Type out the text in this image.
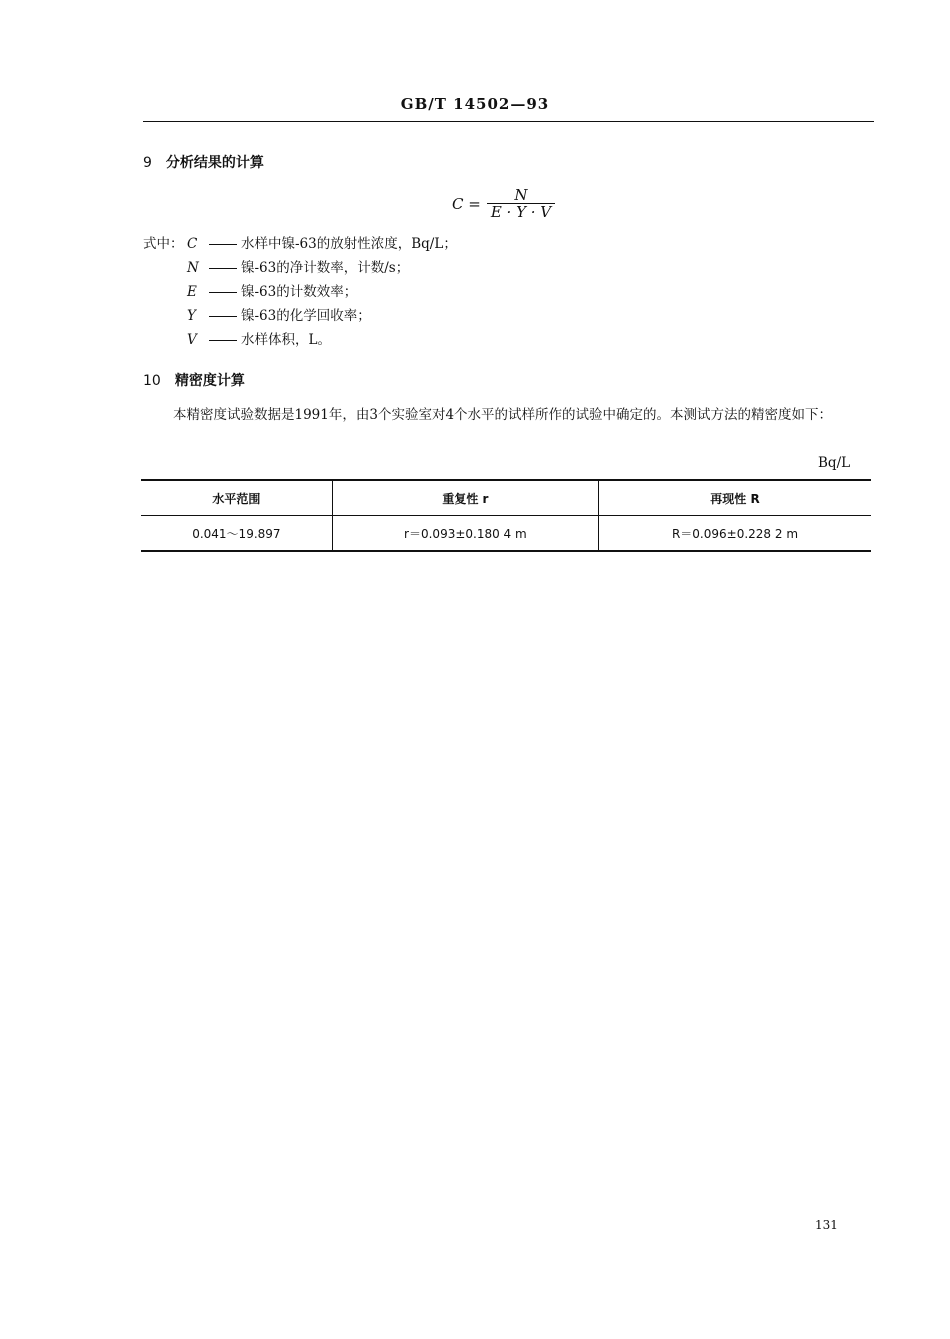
GB/T 14502—93
9 分析结果的计算
$C = \frac{N}{E \cdot Y \cdot V}$
式中： C	水样中镍-63的放射性浓度，Bq/L；
N	镍-63的净计数率，计数/s；
E	镍-63的计数效率；
Y	镍-63的化学回收率；
V	水样体积，L。
10 精密度计算
本精密度试验数据是1991年，由3个实验室对4个水平的试样所作的试验中确定的。本测试方法的精密度如下：
Bq/L
水平范围	重复性 r	再现性 R
0.041～19.897	r＝0.093±0.180 4 m	R＝0.096±0.228 2 m
131
